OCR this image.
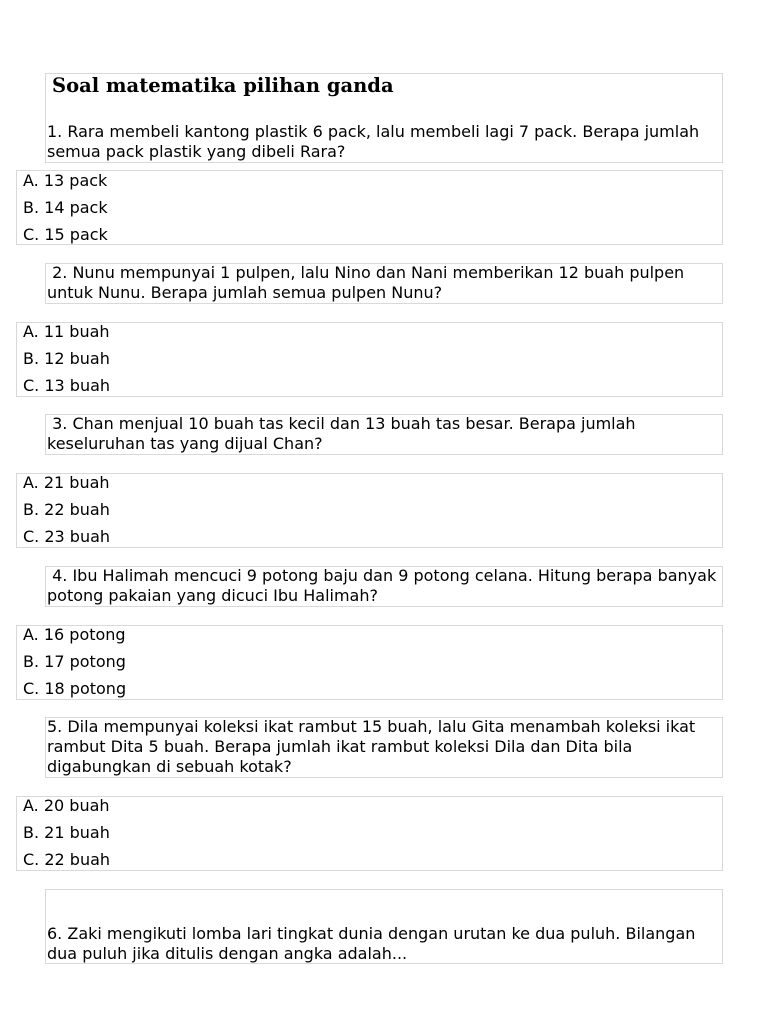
Soal matematika pilihan ganda
1. Rara membeli kantong plastik 6 pack, lalu membeli lagi 7 pack. Berapa jumlah semua pack plastik yang dibeli Rara?
A. 13 pack
B. 14 pack
C. 15 pack
2. Nunu mempunyai 1 pulpen, lalu Nino dan Nani memberikan 12 buah pulpen untuk Nunu. Berapa jumlah semua pulpen Nunu?
A. 11 buah
B. 12 buah
C. 13 buah
3. Chan menjual 10 buah tas kecil dan 13 buah tas besar. Berapa jumlah keseluruhan tas yang dijual Chan?
A. 21 buah
B. 22 buah
C. 23 buah
4. Ibu Halimah mencuci 9 potong baju dan 9 potong celana. Hitung berapa banyak potong pakaian yang dicuci Ibu Halimah?
A. 16 potong
B. 17 potong
C. 18 potong
5. Dila mempunyai koleksi ikat rambut 15 buah, lalu Gita menambah koleksi ikat rambut Dita 5 buah. Berapa jumlah ikat rambut koleksi Dila dan Dita bila digabungkan di sebuah kotak?
A. 20 buah
B. 21 buah
C. 22 buah
6. Zaki mengikuti lomba lari tingkat dunia dengan urutan ke dua puluh. Bilangan dua puluh jika ditulis dengan angka adalah...
